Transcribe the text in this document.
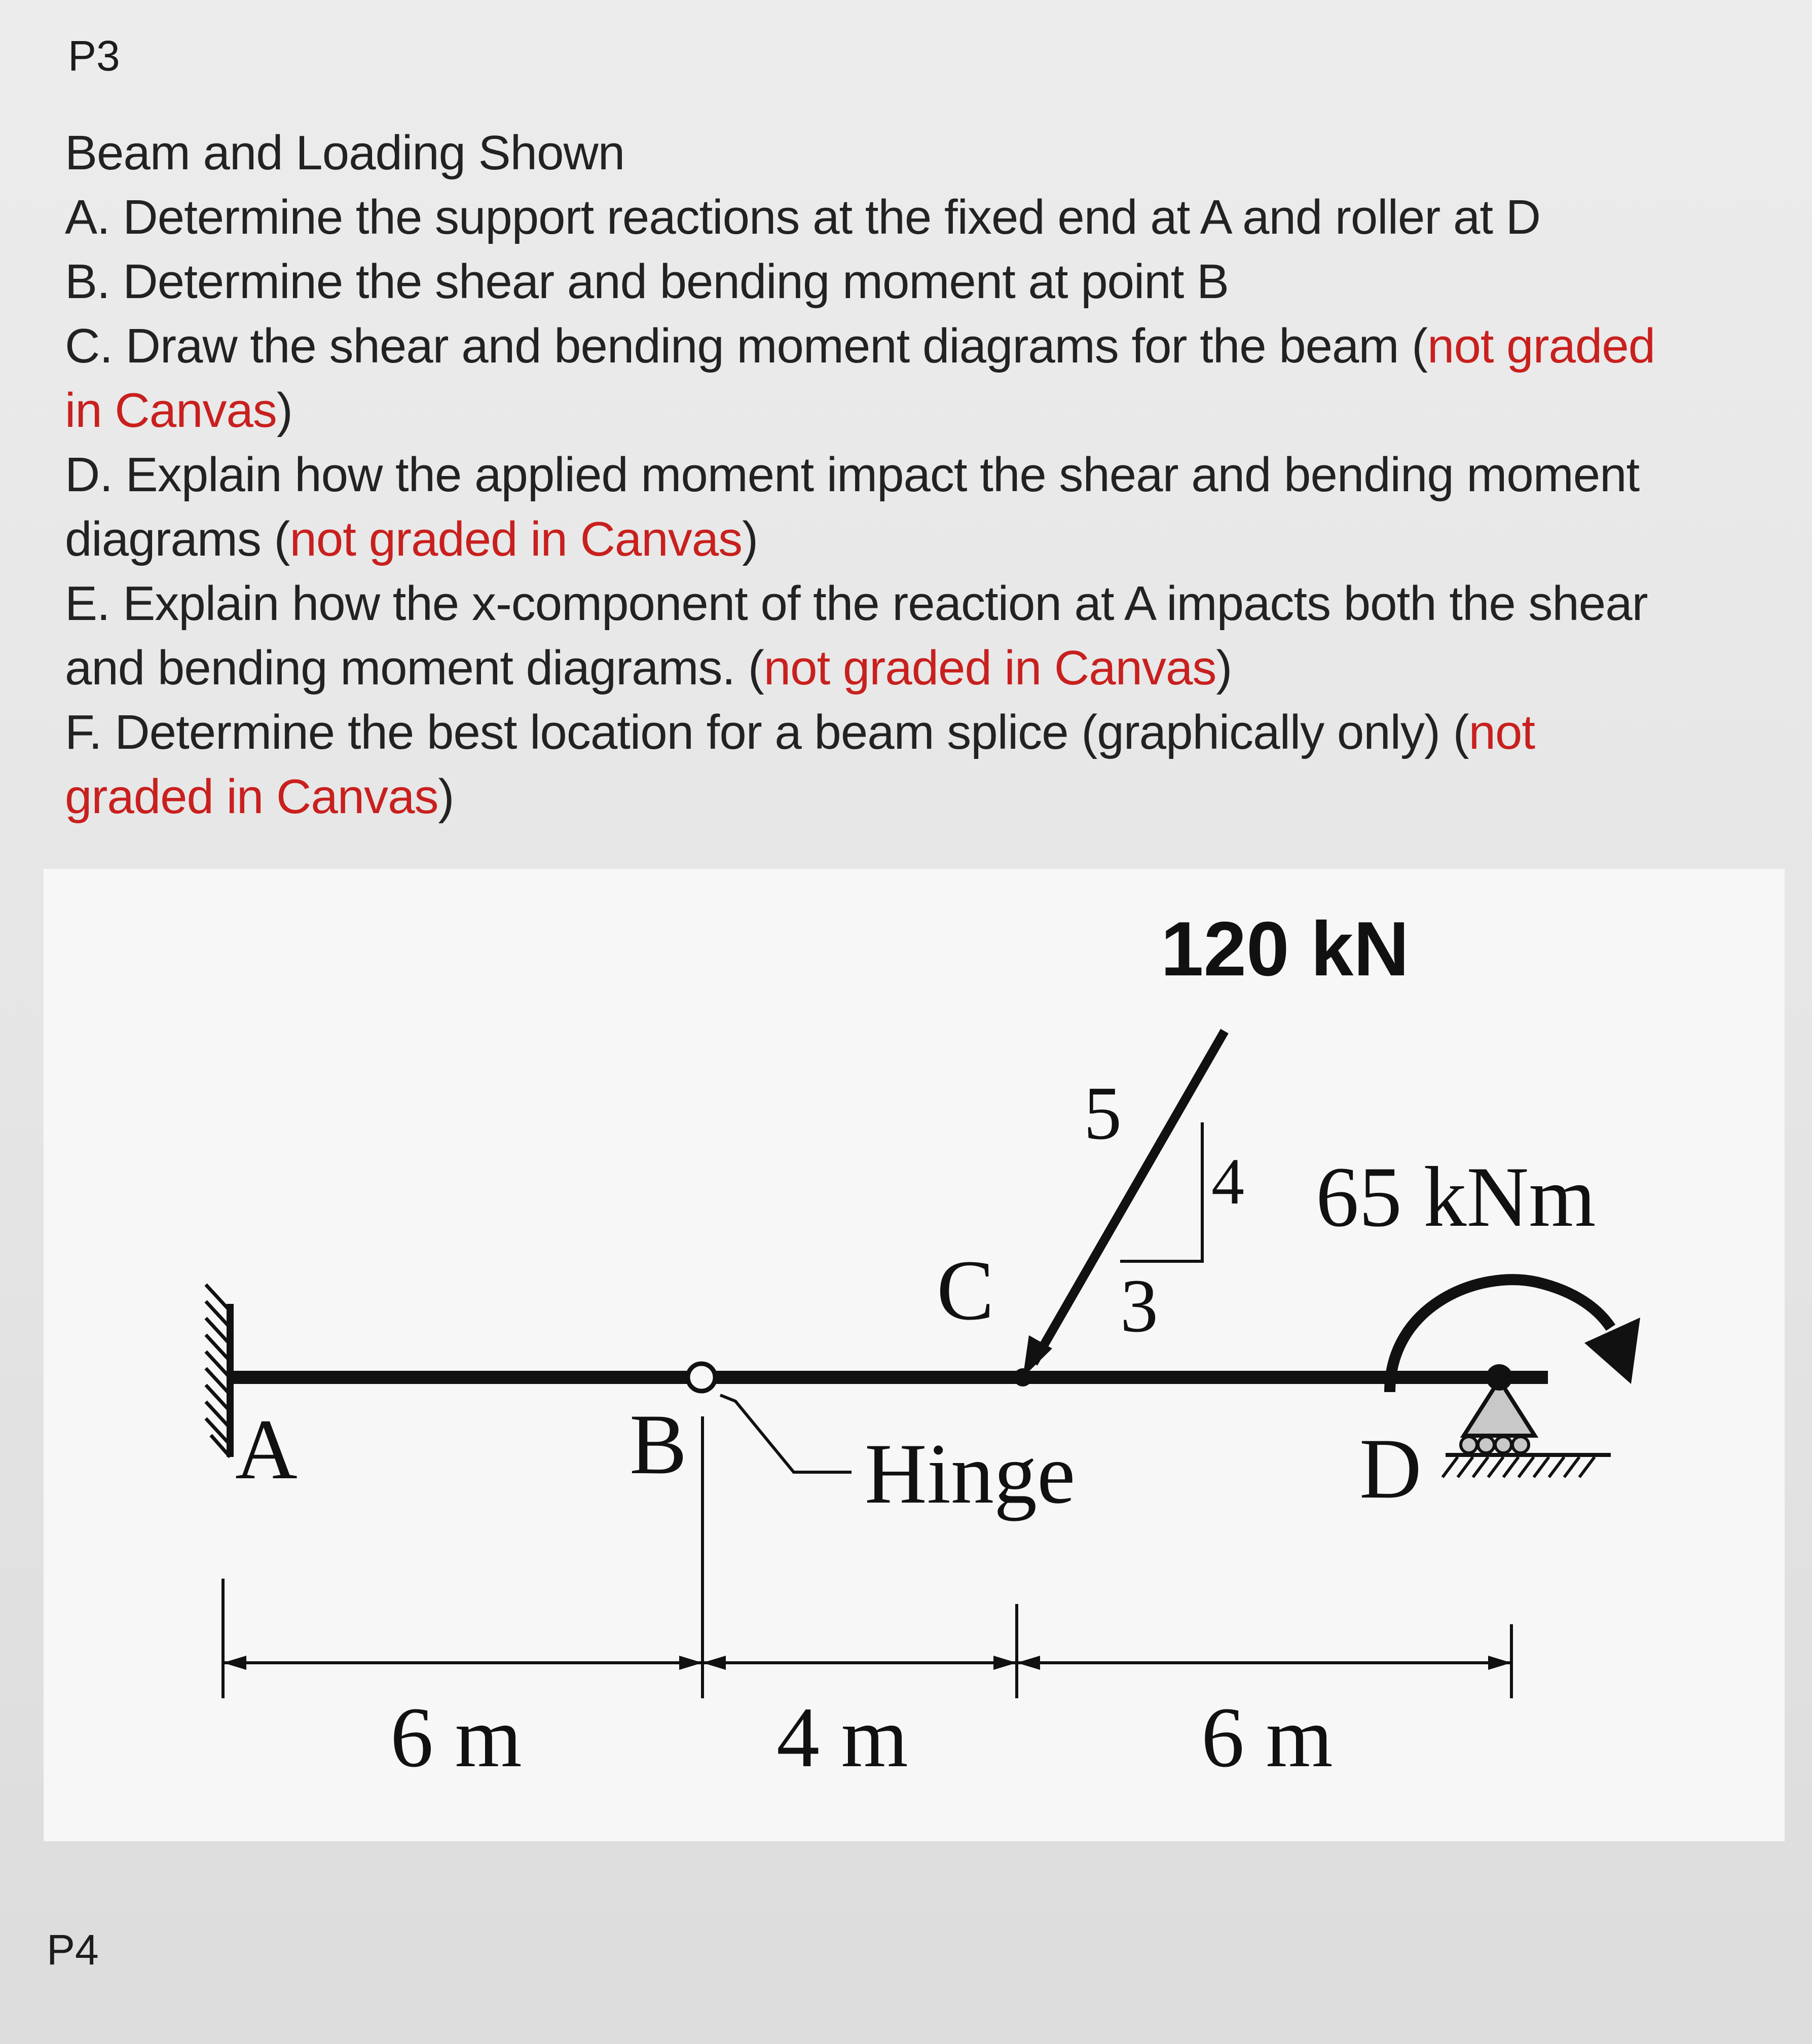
P3
Beam and Loading Shown
A. Determine the support reactions at the fixed end at A and roller at D
B. Determine the shear and bending moment at point B
C. Draw the shear and bending moment diagrams for the beam (not graded
in Canvas)
D. Explain how the applied moment impact the shear and bending moment
diagrams (not graded in Canvas)
E. Explain how the x-component of the reaction at A impacts both the shear
and bending moment diagrams. (not graded in Canvas)
F. Determine the best location for a beam splice (graphically only) (not
graded in Canvas)
120 kN
5
4
3
65 kNm
C
A	B Hinge	D
6 m	4 m	6 m
P4
